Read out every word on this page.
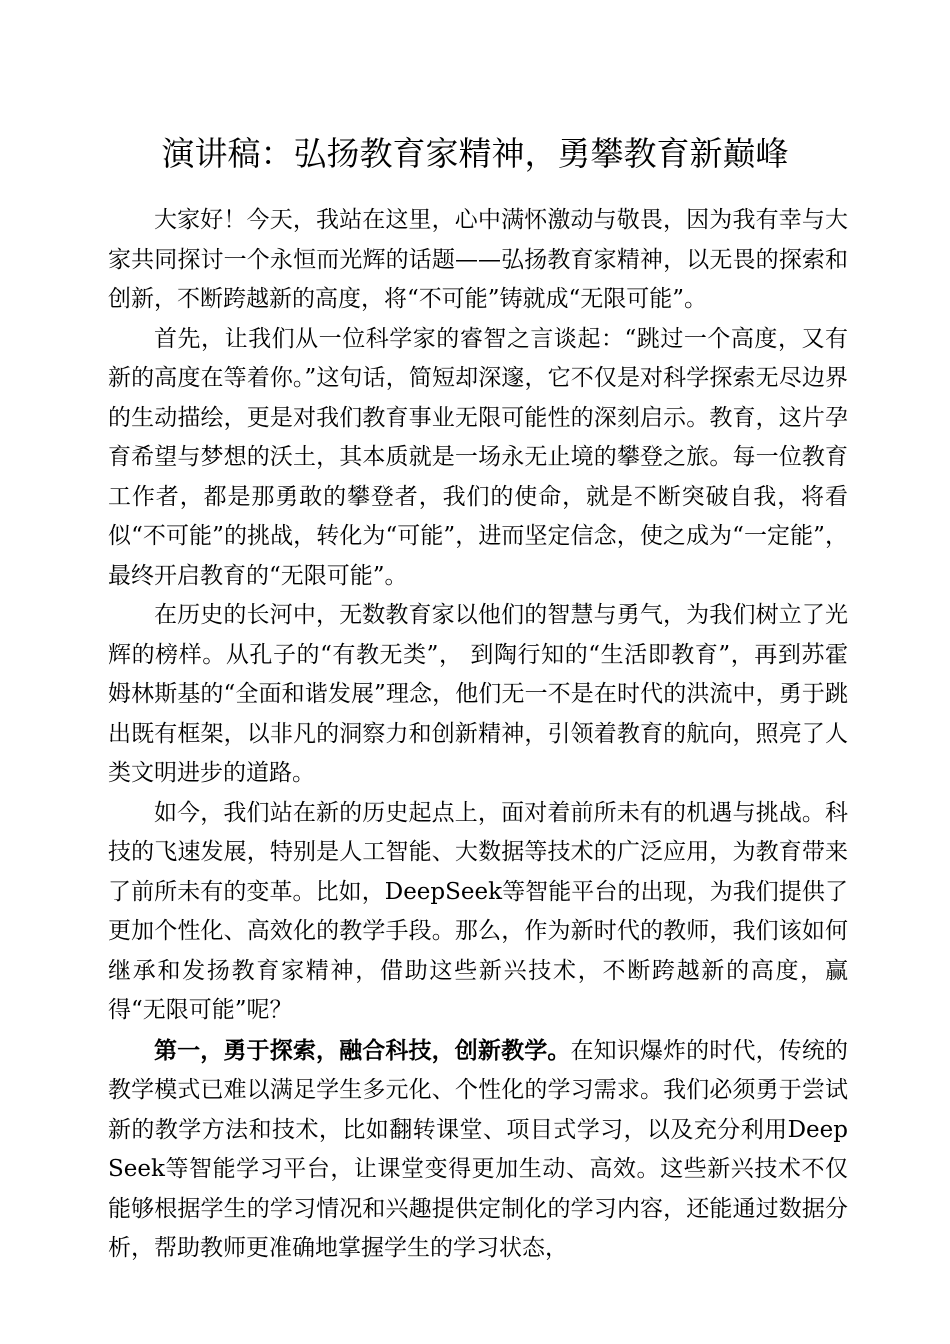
演讲稿：弘扬教育家精神，勇攀教育新巅峰

大家好！今天，我站在这里，心中满怀激动与敬畏，因为我有幸与大家共同探讨一个永恒而光辉的话题——弘扬教育家精神，以无畏的探索和创新，不断跨越新的高度，将“不可能”铸就成“无限可能”。

首先，让我们从一位科学家的睿智之言谈起：“跳过一个高度，又有新的高度在等着你。”这句话，简短却深邃，它不仅是对科学探索无尽边界的生动描绘，更是对我们教育事业无限可能性的深刻启示。教育，这片孕育希望与梦想的沃土，其本质就是一场永无止境的攀登之旅。每一位教育工作者，都是那勇敢的攀登者，我们的使命，就是不断突破自我，将看似“不可能”的挑战，转化为“可能”，进而坚定信念，使之成为“一定能”，最终开启教育的“无限可能”。

在历史的长河中，无数教育家以他们的智慧与勇气，为我们树立了光辉的榜样。从孔子的“有教无类”， 到陶行知的“生活即教育”，再到苏霍姆林斯基的“全面和谐发展”理念，他们无一不是在时代的洪流中，勇于跳出既有框架，以非凡的洞察力和创新精神，引领着教育的航向，照亮了人类文明进步的道路。

如今，我们站在新的历史起点上，面对着前所未有的机遇与挑战。科技的飞速发展，特别是人工智能、大数据等技术的广泛应用，为教育带来了前所未有的变革。比如，DeepSeek等智能平台的出现，为我们提供了更加个性化、高效化的教学手段。那么，作为新时代的教师，我们该如何继承和发扬教育家精神，借助这些新兴技术，不断跨越新的高度，赢得“无限可能”呢？

第一，勇于探索，融合科技，创新教学。在知识爆炸的时代，传统的教学模式已难以满足学生多元化、个性化的学习需求。我们必须勇于尝试新的教学方法和技术，比如翻转课堂、项目式学习，以及充分利用DeepSeek等智能学习平台，让课堂变得更加生动、高效。这些新兴技术不仅能够根据学生的学习情况和兴趣提供定制化的学习内容，还能通过数据分析，帮助教师更准确地掌握学生的学习状态，
